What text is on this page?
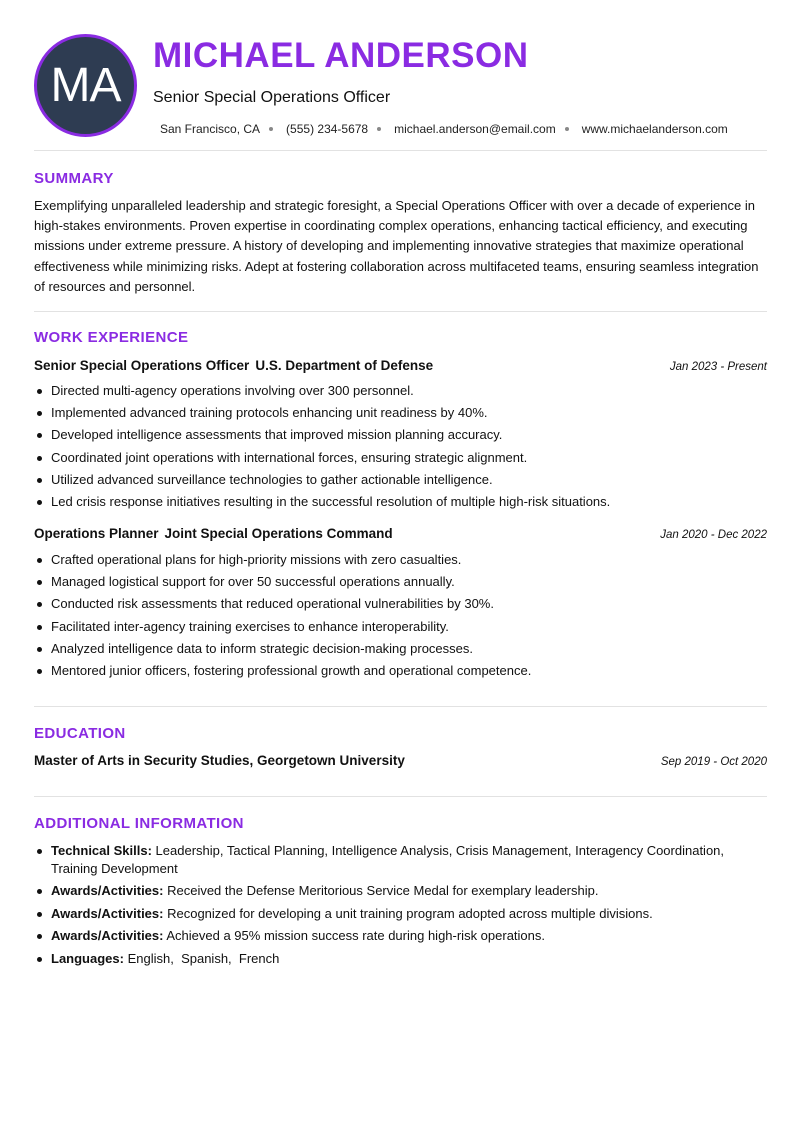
MA
MICHAEL ANDERSON
Senior Special Operations Officer
San Francisco, CA (555) 234-5678 michael.anderson@email.com www.michaelanderson.com
SUMMARY

Exemplifying unparalleled leadership and strategic foresight, a Special Operations Officer with over a decade of experience in high-stakes environments. Proven expertise in coordinating complex operations, enhancing tactical efficiency, and executing missions under extreme pressure. A history of developing and implementing innovative strategies that maximize operational effectiveness while minimizing risks. Adept at fostering collaboration across multifaceted teams, ensuring seamless integration of resources and personnel.

WORK EXPERIENCE
Senior Special Operations Officer U.S. Department of Defense	Jan 2023 - Present
Directed multi-agency operations involving over 300 personnel.
Implemented advanced training protocols enhancing unit readiness by 40%.
Developed intelligence assessments that improved mission planning accuracy.
Coordinated joint operations with international forces, ensuring strategic alignment.
Utilized advanced surveillance technologies to gather actionable intelligence.
Led crisis response initiatives resulting in the successful resolution of multiple high-risk situations.
Operations Planner Joint Special Operations Command	Jan 2020 - Dec 2022
Crafted operational plans for high-priority missions with zero casualties.
Managed logistical support for over 50 successful operations annually.
Conducted risk assessments that reduced operational vulnerabilities by 30%.
Facilitated inter-agency training exercises to enhance interoperability.
Analyzed intelligence data to inform strategic decision-making processes.
Mentored junior officers, fostering professional growth and operational competence.
EDUCATION
Master of Arts in Security Studies, Georgetown University	Sep 2019 - Oct 2020
ADDITIONAL INFORMATION
Technical Skills: Leadership, Tactical Planning, Intelligence Analysis, Crisis Management, Interagency Coordination, Training Development
Awards/Activities: Received the Defense Meritorious Service Medal for exemplary leadership.
Awards/Activities: Recognized for developing a unit training program adopted across multiple divisions.
Awards/Activities: Achieved a 95% mission success rate during high-risk operations.
Languages: English,  Spanish,  French
